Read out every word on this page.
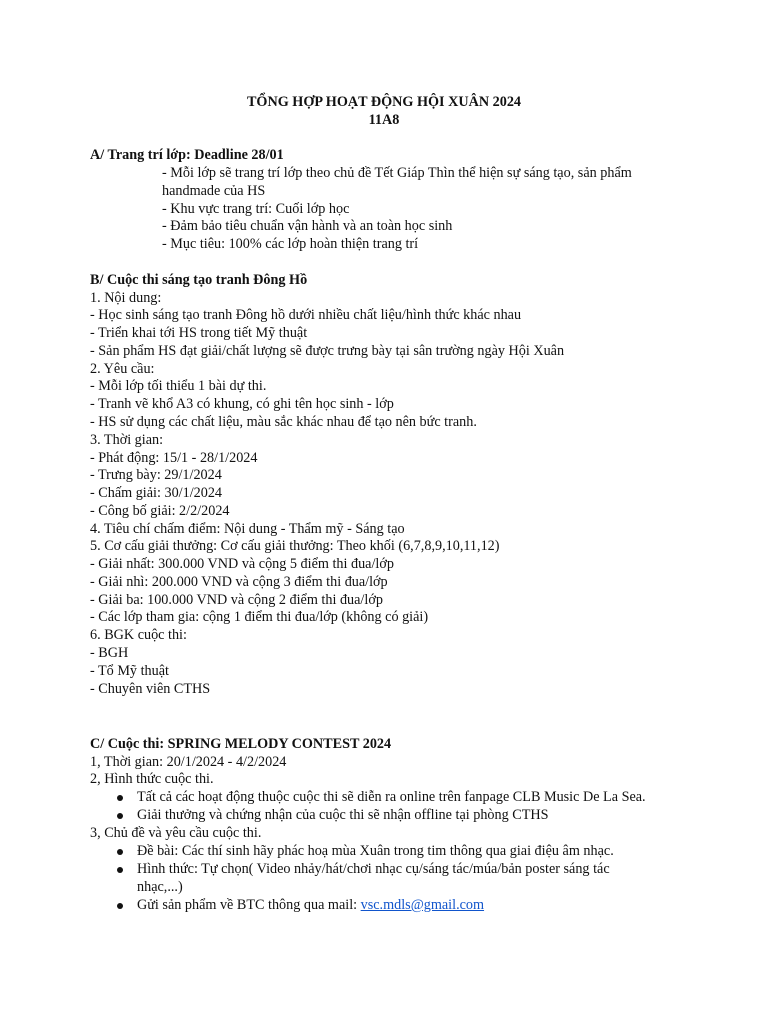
TỔNG HỢP HOẠT ĐỘNG HỘI XUÂN 2024
11A8
A/ Trang trí lớp: Deadline 28/01
- Mỗi lớp sẽ trang trí lớp theo chủ đề Tết Giáp Thìn thể hiện sự sáng tạo, sản phẩm
handmade của HS
- Khu vực trang trí: Cuối lớp học
- Đảm bảo tiêu chuẩn vận hành và an toàn học sinh
- Mục tiêu: 100% các lớp hoàn thiện trang trí
B/ Cuộc thi sáng tạo tranh Đông Hồ
1. Nội dung:
- Học sinh sáng tạo tranh Đông hồ dưới nhiều chất liệu/hình thức khác nhau
- Triển khai tới HS trong tiết Mỹ thuật
- Sản phẩm HS đạt giải/chất lượng sẽ được trưng bày tại sân trường ngày Hội Xuân
2. Yêu cầu:
- Mỗi lớp tối thiểu 1 bài dự thi.
- Tranh vẽ khổ A3 có khung, có ghi tên học sinh - lớp
- HS sử dụng các chất liệu, màu sắc khác nhau để tạo nên bức tranh.
3. Thời gian:
- Phát động: 15/1 - 28/1/2024
- Trưng bày: 29/1/2024
- Chấm giải: 30/1/2024
- Công bố giải: 2/2/2024
4. Tiêu chí chấm điểm: Nội dung - Thẩm mỹ - Sáng tạo
5. Cơ cấu giải thưởng: Cơ cấu giải thưởng: Theo khối (6,7,8,9,10,11,12)
- Giải nhất: 300.000 VND và cộng 5 điểm thi đua/lớp
- Giải nhì: 200.000 VND và cộng 3 điểm thi đua/lớp
- Giải ba: 100.000 VND và cộng 2 điểm thi đua/lớp
- Các lớp tham gia: cộng 1 điểm thi đua/lớp (không có giải)
6. BGK cuộc thi:
- BGH
- Tổ Mỹ thuật
- Chuyên viên CTHS
C/ Cuộc thi: SPRING MELODY CONTEST 2024
1, Thời gian: 20/1/2024 - 4/2/2024
2, Hình thức cuộc thi.
Tất cả các hoạt động thuộc cuộc thi sẽ diễn ra online trên fanpage CLB Music De La Sea.
Giải thưởng và chứng nhận của cuộc thi sẽ nhận offline tại phòng CTHS
3, Chủ đề và yêu cầu cuộc thi.
Đề bài: Các thí sinh hãy phác hoạ mùa Xuân trong tim thông qua giai điệu âm nhạc.
Hình thức: Tự chọn( Video nhảy/hát/chơi nhạc cụ/sáng tác/múa/bản poster sáng tác
nhạc,...)
Gửi sản phẩm về BTC thông qua mail: vsc.mdls@gmail.com
